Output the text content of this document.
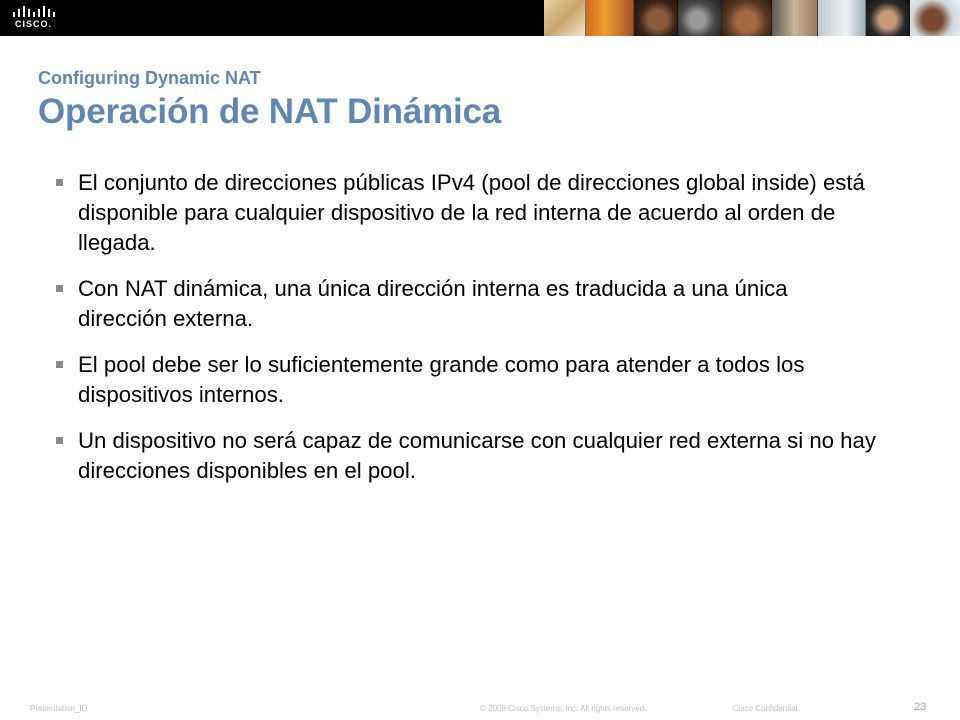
CISCO.
Configuring Dynamic NAT
Operación de NAT Dinámica
El conjunto de direcciones públicas IPv4 (pool de direcciones global inside) está disponible para cualquier dispositivo de la red interna de acuerdo al orden de llegada.
Con NAT dinámica, una única dirección interna es traducida a una única dirección externa.
El pool debe ser lo suficientemente grande como para atender a todos los dispositivos internos.
Un dispositivo no será capaz de comunicarse con cualquier red externa si no hay direcciones disponibles en el pool.
Presentation_ID	© 2008 Cisco Systems, Inc. All rights reserved.	Cisco Confidential	23
